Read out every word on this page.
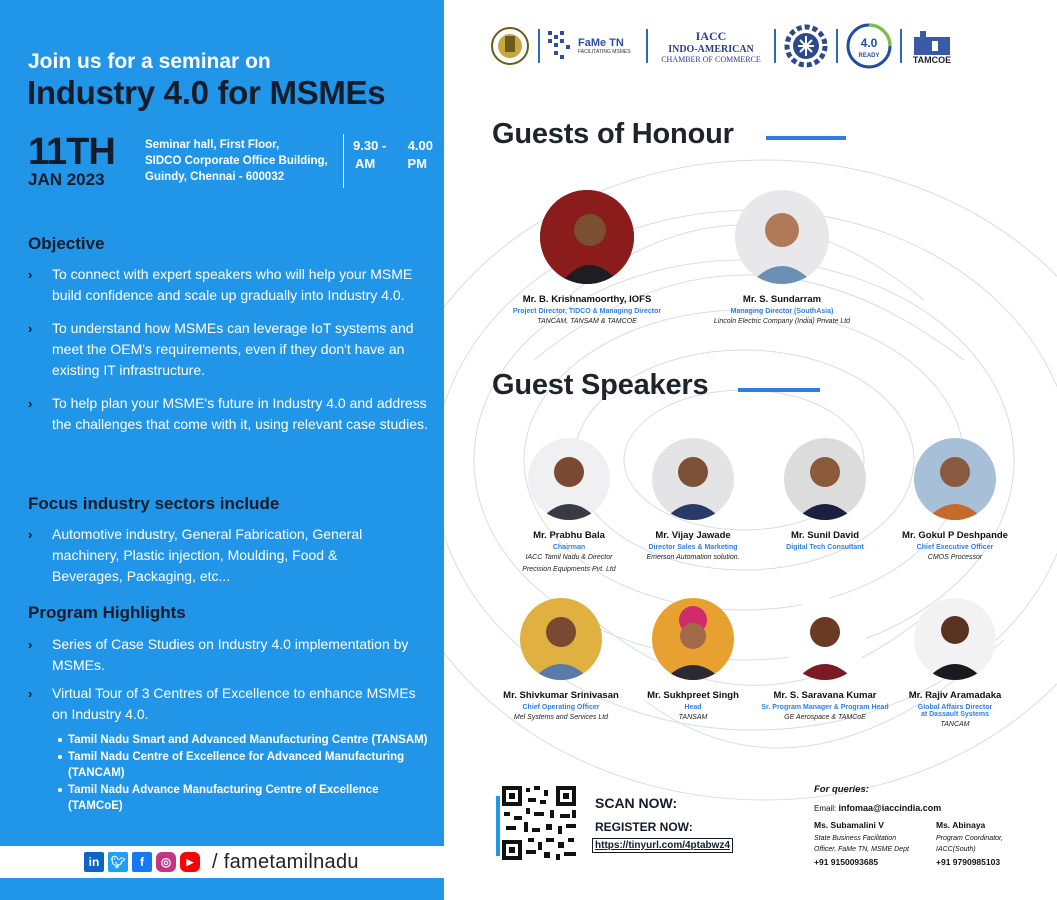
Join us for a seminar on
Industry 4.0 for MSMEs
11TH
JAN 2023
Seminar hall, First Floor,
SIDCO Corporate Office Building,
Guindy, Chennai - 600032
9.30 - 4.00
AM PM
Objective
› To connect with expert speakers who will help your MSME build confidence and scale up gradually into Industry 4.0.
› To understand how MSMEs can leverage IoT systems and meet the OEM's requirements, even if they don't have an existing IT infrastructure.
› To help plan your MSME's future in Industry 4.0 and address the challenges that come with it, using relevant case studies.
Focus industry sectors include
› Automotive industry, General Fabrication, General machinery, Plastic injection, Moulding, Food & Beverages, Packaging, etc...
Program Highlights
› Series of Case Studies on Industry 4.0 implementation by MSMEs.
› Virtual Tour of 3 Centres of Excellence to enhance MSMEs on Industry 4.0.
Tamil Nadu Smart and Advanced Manufacturing Centre (TANSAM)
Tamil Nadu Centre of Excellence for Advanced Manufacturing (TANCAM)
Tamil Nadu Advance Manufacturing Centre of Excellence (TAMCoE)
in 🐦︎	f	◎	▶ / fametamilnadu
FaMe TN
FACILITATING MSMES
IACC
INDO-AMERICAN
CHAMBER OF COMMERCE
4.0
READY	TAMCOE
Guests of Honour
Mr. B. Krishnamoorthy, IOFS
Project Director, TIDCO & Managing Director
TANCAM, TANSAM & TAMCOE
Mr. S. Sundarram
Managing Director (SouthAsia)
Lincoln Electric Company (India) Private Ltd
Guest Speakers
Mr. Prabhu Bala
Chairman
IACC Tamil Nadu & Director
Precision Equipments Pvt. Ltd
Mr. Vijay Jawade
Director Sales & Marketing
Emerson Automation solution.
Mr. Sunil David
Digital Tech Consultant
Mr. Gokul P Deshpande
Chief Executive Officer
CMOS Processor
Mr. Shivkumar Srinivasan
Chief Operating Officer
Mel Systems and Services Ltd
Mr. Sukhpreet Singh
Head
TANSAM
Mr. S. Saravana Kumar
Sr. Program Manager & Program Head
GE Aerospace & TAMCoE
Mr. Rajiv Aramadaka
Global Affairs Director
at Dassault Systems
TANCAM
SCAN NOW:
REGISTER NOW:
https://tinyurl.com/4ptabwz4
For queries:
Email: infomaa@iaccindia.com
Ms. Subamalini V
State Business Facilitation
Officer, FaMe TN, MSME Dept
+91 9150093685
Ms. Abinaya
Program Coordinator,
IACC(South)
+91 9790985103
